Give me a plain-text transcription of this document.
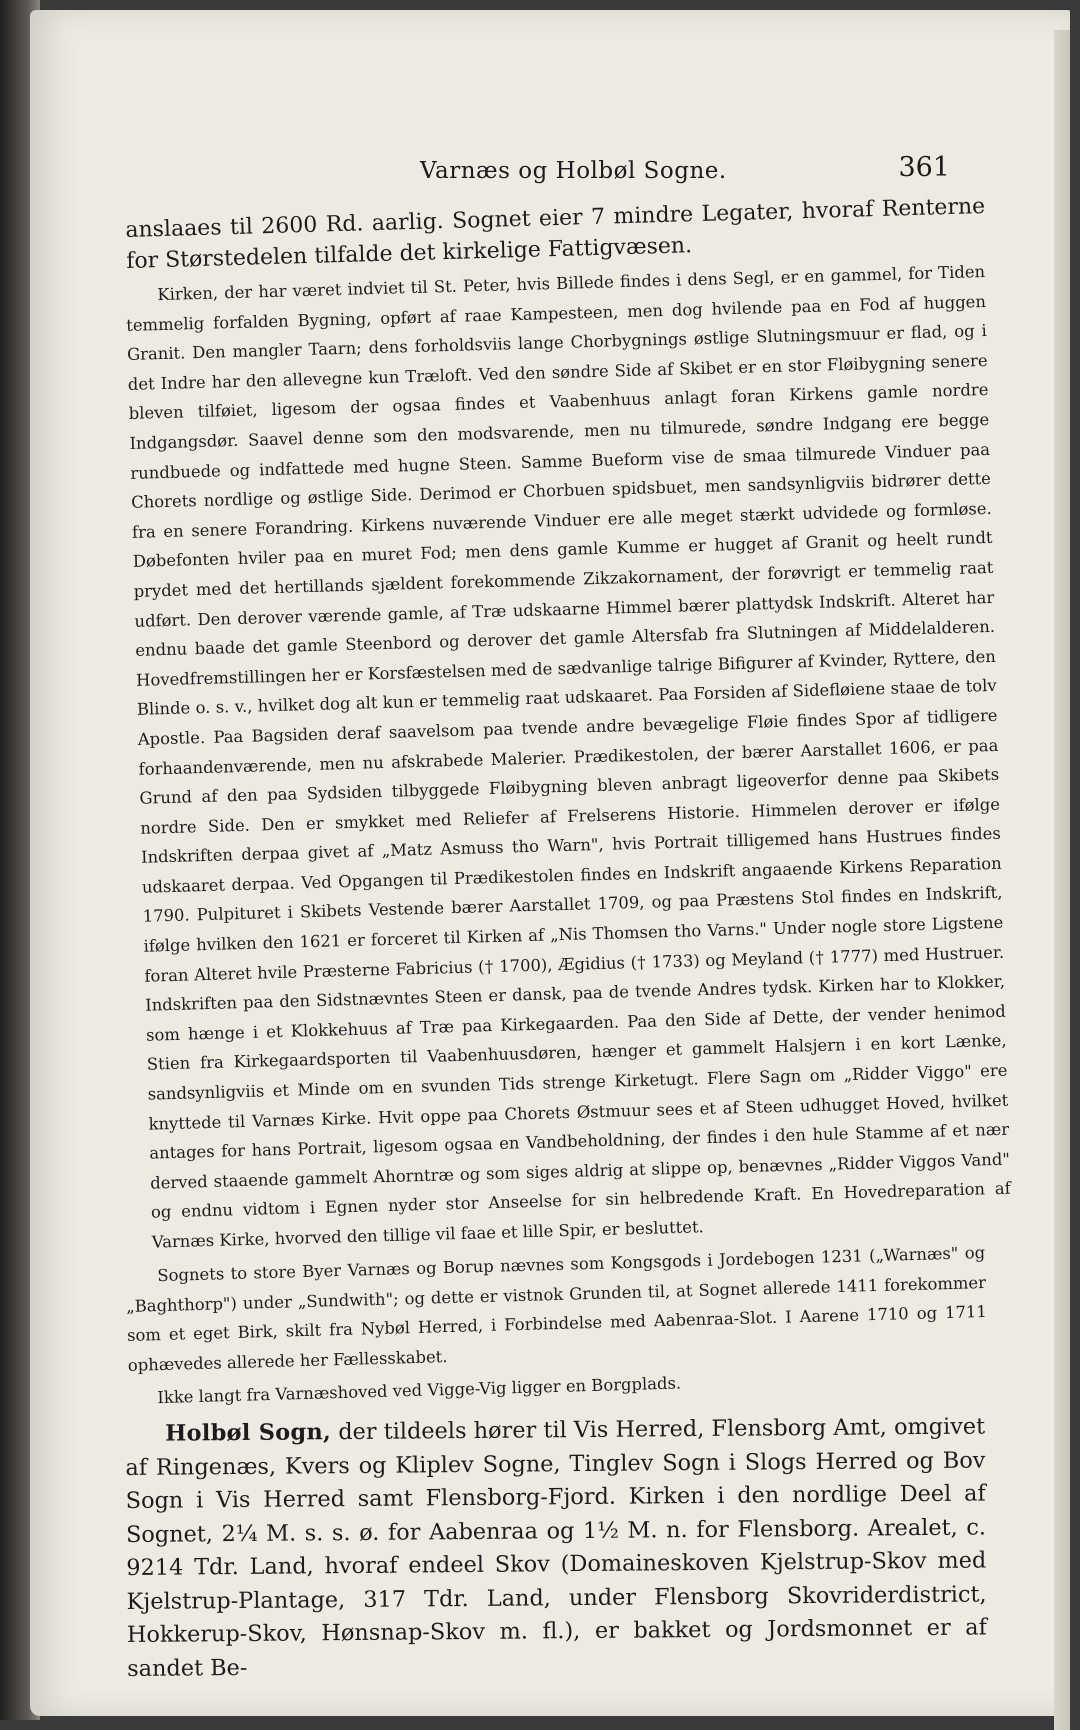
Varnæs og Holbøl Sogne.	361

anslaaes til 2600 Rd. aarlig. Sognet eier 7 mindre Legater, hvoraf Renterne for Størstedelen tilfalde det kirkelige Fattigvæsen.

Kirken, der har været indviet til St. Peter, hvis Billede findes i dens Segl, er en gammel, for Tiden temmelig forfalden Bygning, opført af raae Kampesteen, men dog hvilende paa en Fod af huggen Granit. Den mangler Taarn; dens forholdsviis lange Chorbygnings østlige Slutningsmuur er flad, og i det Indre har den allevegne kun Træloft. Ved den søndre Side af Skibet er en stor Fløibygning senere bleven tilføiet, ligesom der ogsaa findes et Vaabenhuus anlagt foran Kirkens gamle nordre Indgangsdør. Saavel denne som den modsvarende, men nu tilmurede, søndre Indgang ere begge rundbuede og indfattede med hugne Steen. Samme Bueform vise de smaa tilmurede Vinduer paa Chorets nordlige og østlige Side. Derimod er Chorbuen spidsbuet, men sandsynligviis bidrører dette fra en senere Forandring. Kirkens nuværende Vinduer ere alle meget stærkt udvidede og formløse. Døbefonten hviler paa en muret Fod; men dens gamle Kumme er hugget af Granit og heelt rundt prydet med det hertillands sjældent forekommende Zikzakornament, der forøvrigt er temmelig raat udført. Den derover værende gamle, af Træ udskaarne Himmel bærer plattydsk Indskrift. Alteret har endnu baade det gamle Steenbord og derover det gamle Altersfab fra Slutningen af Middelalderen. Hovedfremstillingen her er Korsfæstelsen med de sædvanlige talrige Bifigurer af Kvinder, Ryttere, den Blinde o. s. v., hvilket dog alt kun er temmelig raat udskaaret. Paa Forsiden af Sidefløiene staae de tolv Apostle. Paa Bagsiden deraf saavelsom paa tvende andre bevægelige Fløie findes Spor af tidligere forhaandenværende, men nu afskrabede Malerier. Prædikestolen, der bærer Aarstallet 1606, er paa Grund af den paa Sydsiden tilbyggede Fløibygning bleven anbragt ligeoverfor denne paa Skibets nordre Side. Den er smykket med Reliefer af Frelserens Historie. Himmelen derover er ifølge Indskriften derpaa givet af „Matz Asmuss tho Warn", hvis Portrait tilligemed hans Hustrues findes udskaaret derpaa. Ved Opgangen til Prædikestolen findes en Indskrift angaaende Kirkens Reparation 1790. Pulpituret i Skibets Vestende bærer Aarstallet 1709, og paa Præstens Stol findes en Indskrift, ifølge hvilken den 1621 er forceret til Kirken af „Nis Thomsen tho Varns." Under nogle store Ligstene foran Alteret hvile Præsterne Fabricius († 1700), Ægidius († 1733) og Meyland († 1777) med Hustruer. Indskriften paa den Sidstnævntes Steen er dansk, paa de tvende Andres tydsk. Kirken har to Klokker, som hænge i et Klokkehuus af Træ paa Kirkegaarden. Paa den Side af Dette, der vender henimod Stien fra Kirkegaardsporten til Vaabenhuusdøren, hænger et gammelt Halsjern i en kort Lænke, sandsynligviis et Minde om en svunden Tids strenge Kirketugt. Flere Sagn om „Ridder Viggo" ere knyttede til Varnæs Kirke. Hvit oppe paa Chorets Østmuur sees et af Steen udhugget Hoved, hvilket antages for hans Portrait, ligesom ogsaa en Vandbeholdning, der findes i den hule Stamme af et nær derved staaende gammelt Ahorntræ og som siges aldrig at slippe op, benævnes „Ridder Viggos Vand" og endnu vidtom i Egnen nyder stor Anseelse for sin helbredende Kraft. En Hovedreparation af Varnæs Kirke, hvorved den tillige vil faae et lille Spir, er besluttet.

Sognets to store Byer Varnæs og Borup nævnes som Kongsgods i Jordebogen 1231 („Warnæs" og „Baghthorp") under „Sundwith"; og dette er vistnok Grunden til, at Sognet allerede 1411 forekommer som et eget Birk, skilt fra Nybøl Herred, i Forbindelse med Aabenraa-Slot. I Aarene 1710 og 1711 ophævedes allerede her Fællesskabet.

Ikke langt fra Varnæshoved ved Vigge-Vig ligger en Borgplads.

Holbøl Sogn, der tildeels hører til Vis Herred, Flensborg Amt, omgivet af Ringenæs, Kvers og Kliplev Sogne, Tinglev Sogn i Slogs Herred og Bov Sogn i Vis Herred samt Flensborg-Fjord. Kirken i den nordlige Deel af Sognet, 2¼ M. s. s. ø. for Aabenraa og 1½ M. n. for Flensborg. Arealet, c. 9214 Tdr. Land, hvoraf endeel Skov (Domaineskoven Kjelstrup-Skov med Kjelstrup-Plantage, 317 Tdr. Land, under Flensborg Skovriderdistrict, Hokkerup-Skov, Hønsnap-Skov m. fl.), er bakket og Jordsmonnet er af sandet Be-
